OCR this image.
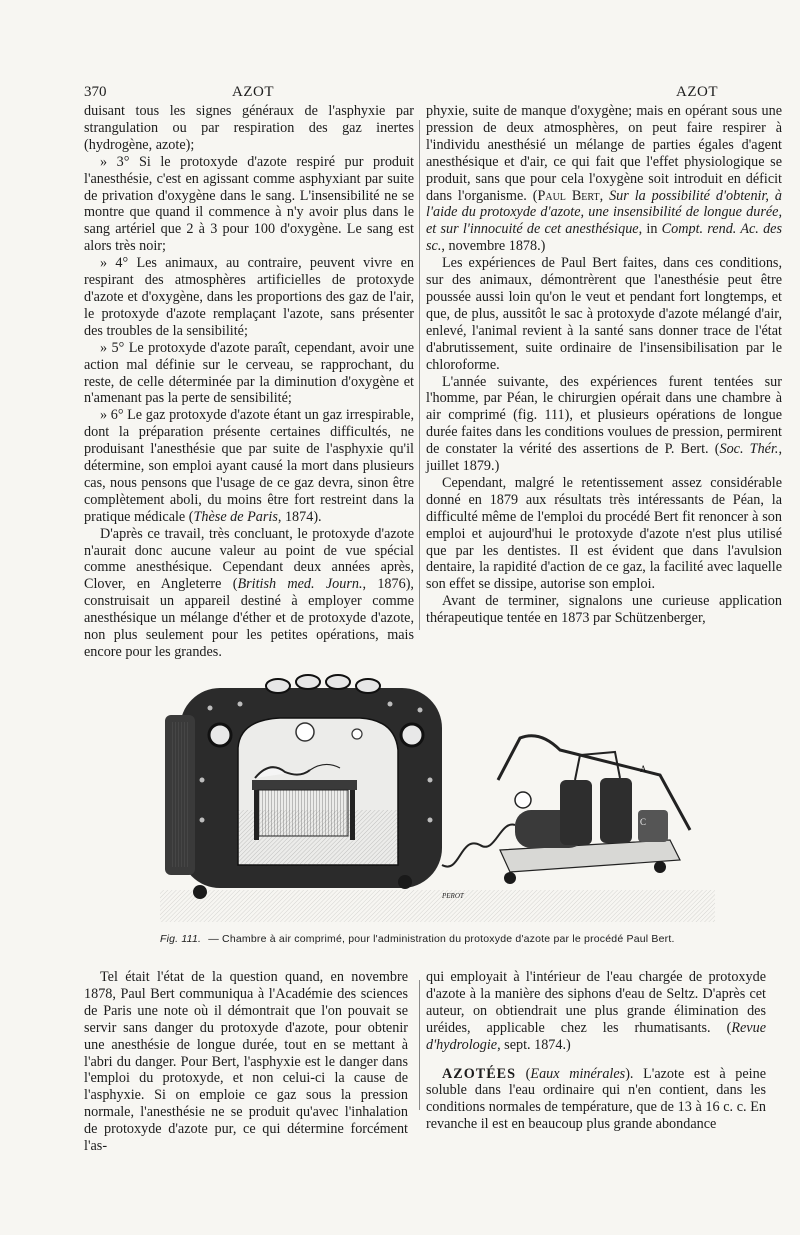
370	AZOT	AZOT

duisant tous les signes généraux de l'asphyxie par strangulation ou par respiration des gaz inertes (hydrogène, azote);

» 3° Si le protoxyde d'azote respiré pur produit l'anesthésie, c'est en agissant comme asphyxiant par suite de privation d'oxygène dans le sang. L'insensibilité ne se montre que quand il commence à n'y avoir plus dans le sang artériel que 2 à 3 pour 100 d'oxygène. Le sang est alors très noir;

» 4° Les animaux, au contraire, peuvent vivre en respirant des atmosphères artificielles de protoxyde d'azote et d'oxygène, dans les proportions des gaz de l'air, le protoxyde d'azote remplaçant l'azote, sans présenter des troubles de la sensibilité;

» 5° Le protoxyde d'azote paraît, cependant, avoir une action mal définie sur le cerveau, se rapprochant, du reste, de celle déterminée par la diminution d'oxygène et n'amenant pas la perte de sensibilité;

» 6° Le gaz protoxyde d'azote étant un gaz irrespirable, dont la préparation présente certaines difficultés, ne produisant l'anesthésie que par suite de l'asphyxie qu'il détermine, son emploi ayant causé la mort dans plusieurs cas, nous pensons que l'usage de ce gaz devra, sinon être complètement aboli, du moins être fort restreint dans la pratique médicale (Thèse de Paris, 1874).

D'après ce travail, très concluant, le protoxyde d'azote n'aurait donc aucune valeur au point de vue spécial comme anesthésique. Cependant deux années après, Clover, en Angleterre (British med. Journ., 1876), construisait un appareil destiné à employer comme anesthésique un mélange d'éther et de protoxyde d'azote, non plus seulement pour les petites opérations, mais encore pour les grandes.

phyxie, suite de manque d'oxygène; mais en opérant sous une pression de deux atmosphères, on peut faire respirer à l'individu anesthésié un mélange de parties égales d'agent anesthésique et d'air, ce qui fait que l'effet physiologique se produit, sans que pour cela l'oxygène soit introduit en déficit dans l'organisme. (Paul Bert, Sur la possibilité d'obtenir, à l'aide du protoxyde d'azote, une insensibilité de longue durée, et sur l'innocuité de cet anesthésique, in Compt. rend. Ac. des sc., novembre 1878.)

Les expériences de Paul Bert faites, dans ces conditions, sur des animaux, démontrèrent que l'anesthésie peut être poussée aussi loin qu'on le veut et pendant fort longtemps, et que, de plus, aussitôt le sac à protoxyde d'azote mélangé d'air, enlevé, l'animal revient à la santé sans donner trace de l'état d'abrutissement, suite ordinaire de l'insensibilisation par le chloroforme.

L'année suivante, des expériences furent tentées sur l'homme, par Péan, le chirurgien opérait dans une chambre à air comprimé (fig. 111), et plusieurs opérations de longue durée faites dans les conditions voulues de pression, permirent de constater la vérité des assertions de P. Bert. (Soc. Thér., juillet 1879.)

Cependant, malgré le retentissement assez considérable donné en 1879 aux résultats très intéressants de Péan, la difficulté même de l'emploi du procédé Bert fit renoncer à son emploi et aujourd'hui le protoxyde d'azote n'est plus utilisé que par les dentistes. Il est évident que dans l'avulsion dentaire, la rapidité d'action de ce gaz, la facilité avec laquelle son effet se dissipe, autorise son emploi.

Avant de terminer, signalons une curieuse application thérapeutique tentée en 1873 par Schützenberger,

A
C
PEROT
Fig. 111. — Chambre à air comprimé, pour l'administration du protoxyde d'azote par le procédé Paul Bert.

Tel était l'état de la question quand, en novembre 1878, Paul Bert communiqua à l'Académie des sciences de Paris une note où il démontrait que l'on pouvait se servir sans danger du protoxyde d'azote, pour obtenir une anesthésie de longue durée, tout en se mettant à l'abri du danger. Pour Bert, l'asphyxie est le danger dans l'emploi du protoxyde, et non celui-ci la cause de l'asphyxie. Si on emploie ce gaz sous la pression normale, l'anesthésie ne se produit qu'avec l'inhalation de protoxyde d'azote pur, ce qui détermine forcément l'as-

qui employait à l'intérieur de l'eau chargée de protoxyde d'azote à la manière des siphons d'eau de Seltz. D'après cet auteur, on obtiendrait une plus grande élimination des uréides, applicable chez les rhumatisants. (Revue d'hydrologie, sept. 1874.)

AZOTÉES (Eaux minérales). L'azote est à peine soluble dans l'eau ordinaire qui n'en contient, dans les conditions normales de température, que de 13 à 16 c. c. En revanche il est en beaucoup plus grande abondance
